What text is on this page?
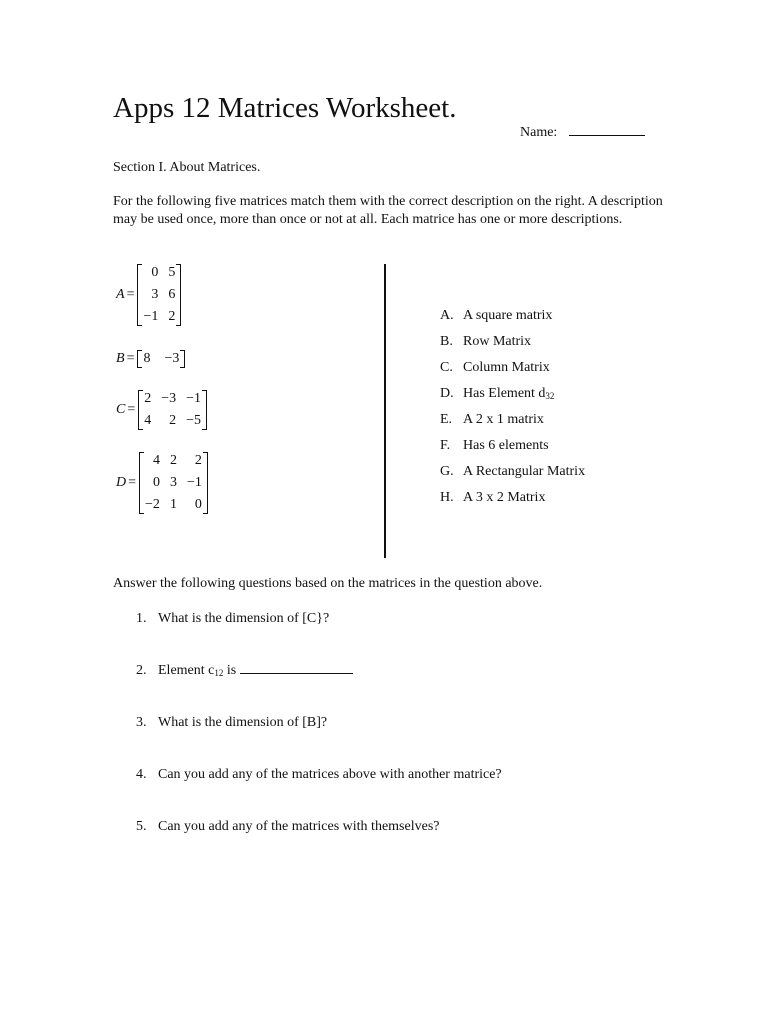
Apps 12 Matrices Worksheet.
Name:
Section I. About Matrices.
For the following five matrices match them with the correct description on the right. A description may be used once, more than once or not at all. Each matrice has one or more descriptions.
A =
0 5
3 6
−1 2
B = 8 −3
C =
2 −3 −1
4	2 −5
D =
4 2	2
0 3 −1
−2 1	0
A. A square matrix
B. Row Matrix
C. Column Matrix
D. Has Element d32
E. A 2 x 1 matrix
F. Has 6 elements
G. A Rectangular Matrix
H. A 3 x 2 Matrix
Answer the following questions based on the matrices in the question above.
1. What is the dimension of [C}?
2. Element c12 is
3. What is the dimension of [B]?
4. Can you add any of the matrices above with another matrice?
5. Can you add any of the matrices with themselves?
